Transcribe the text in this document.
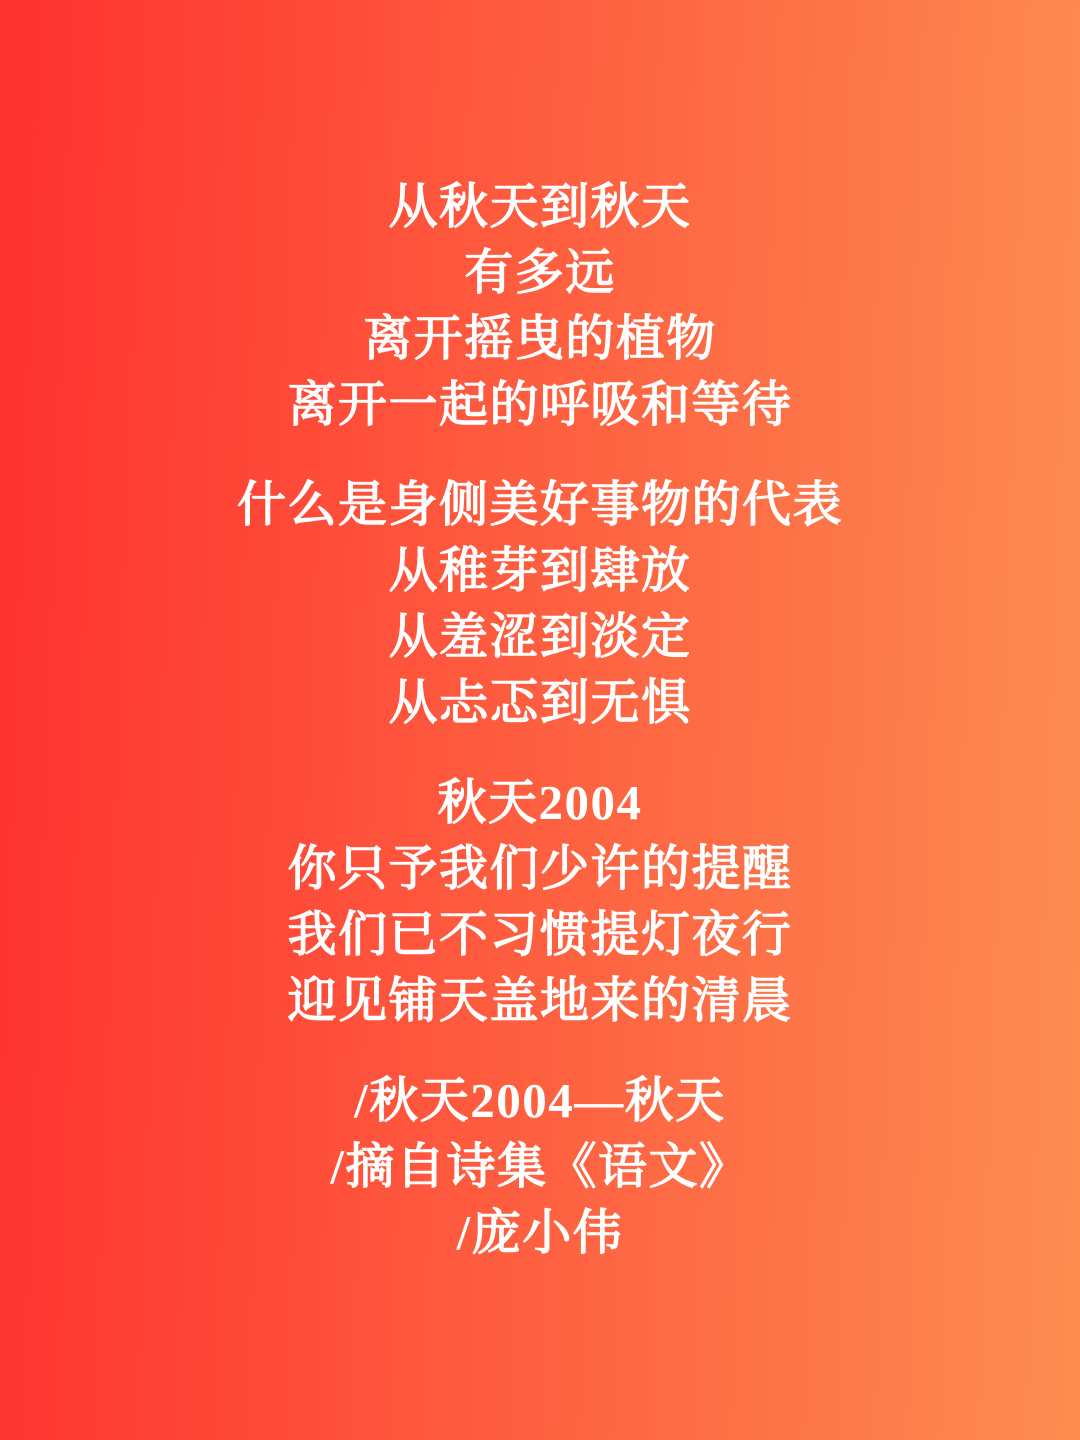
从秋天到秋天
有多远
离开摇曳的植物
离开一起的呼吸和等待
什么是身侧美好事物的代表
从稚芽到肆放
从羞涩到淡定
从忐忑到无惧
秋天2004
你只予我们少许的提醒
我们已不习惯提灯夜行
迎见铺天盖地来的清晨
/秋天2004—秋天
/摘自诗集《语文》
/庞小伟
